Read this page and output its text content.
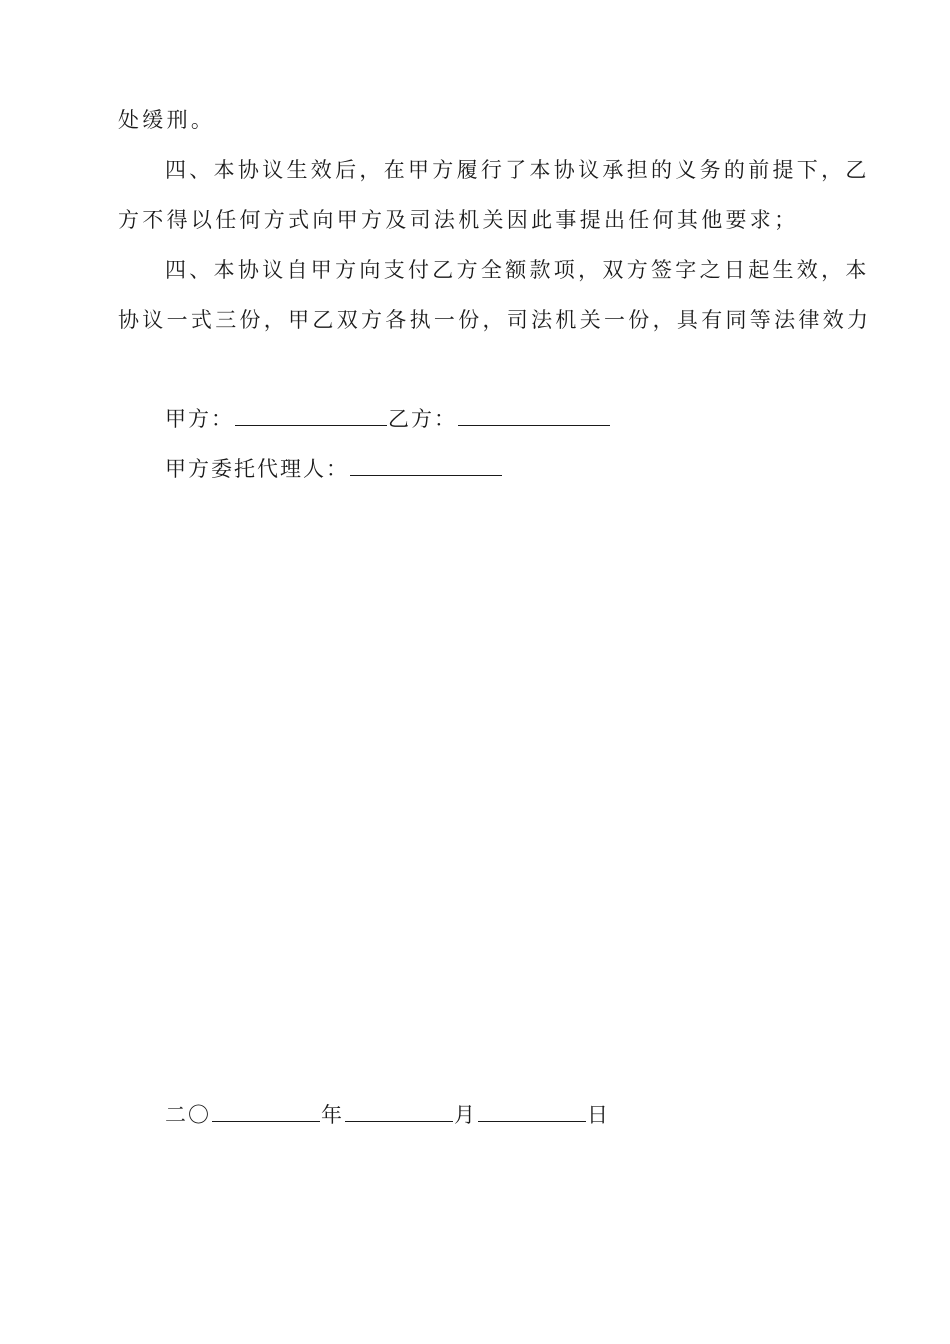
处缓刑。
四、本协议生效后，在甲方履行了本协议承担的义务的前提下，乙
方不得以任何方式向甲方及司法机关因此事提出任何其他要求；
四、本协议自甲方向支付乙方全额款项，双方签字之日起生效，本
协议一式三份，甲乙双方各执一份，司法机关一份，具有同等法律效力
甲方：	乙方：
甲方委托代理人：
二〇	年	月	日
